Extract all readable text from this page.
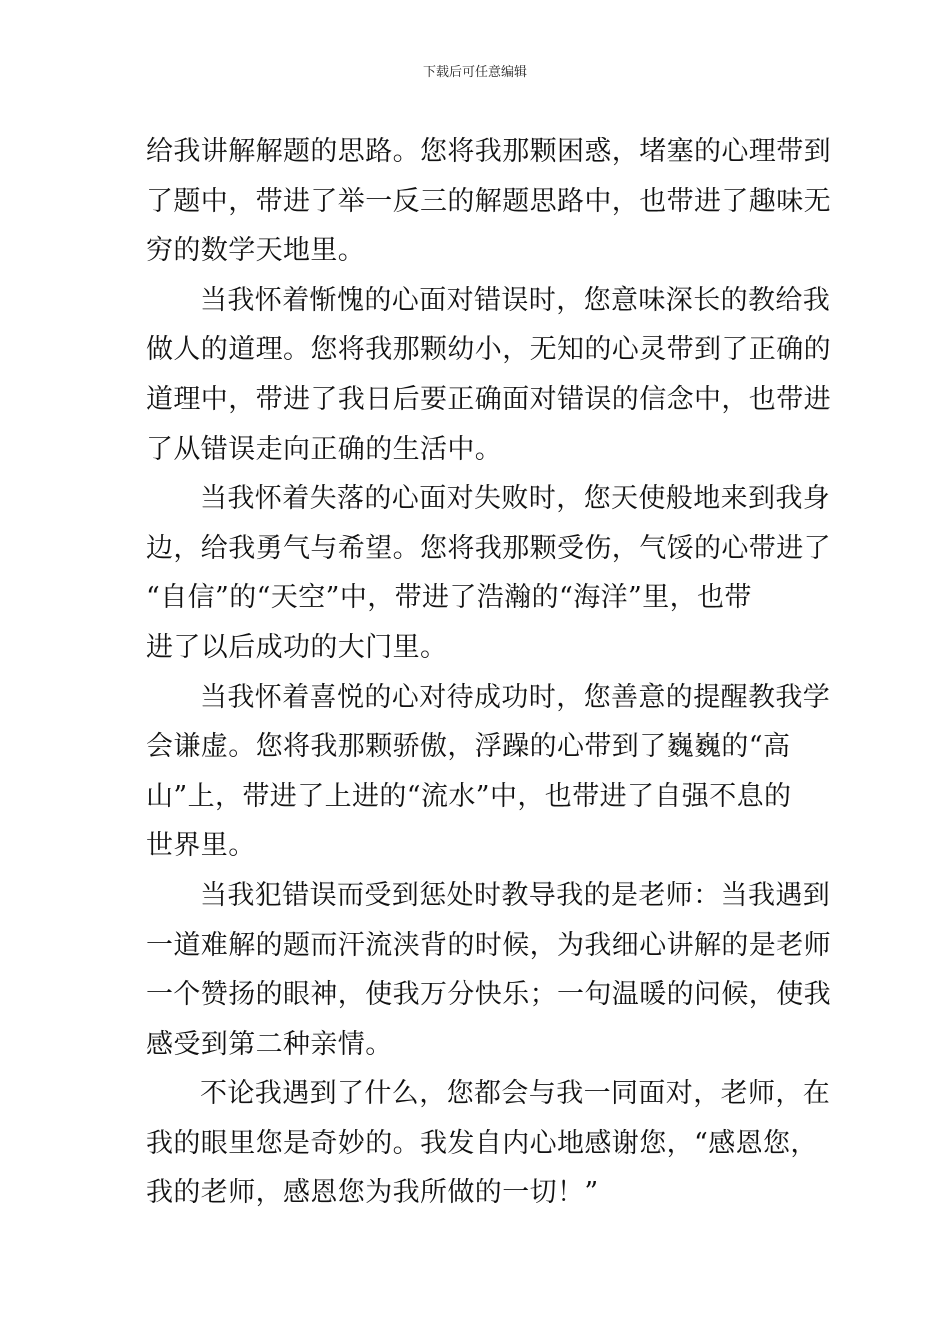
下载后可任意编辑
给我讲解解题的思路。您将我那颗困惑，堵塞的心理带到
了题中，带进了举一反三的解题思路中，也带进了趣味无
穷的数学天地里。
当我怀着惭愧的心面对错误时，您意味深长的教给我
做人的道理。您将我那颗幼小，无知的心灵带到了正确的
道理中，带进了我日后要正确面对错误的信念中，也带进
了从错误走向正确的生活中。
当我怀着失落的心面对失败时，您天使般地来到我身
边，给我勇气与希望。您将我那颗受伤，气馁的心带进了
“自信”的“天空”中，带进了浩瀚的“海洋”里，也带
进了以后成功的大门里。
当我怀着喜悦的心对待成功时，您善意的提醒教我学
会谦虚。您将我那颗骄傲，浮躁的心带到了巍巍的“高
山”上，带进了上进的“流水”中，也带进了自强不息的
世界里。
当我犯错误而受到惩处时教导我的是老师：当我遇到
一道难解的题而汗流浃背的时候，为我细心讲解的是老师
一个赞扬的眼神，使我万分快乐；一句温暖的问候，使我
感受到第二种亲情。
不论我遇到了什么，您都会与我一同面对，老师，在
我的眼里您是奇妙的。我发自内心地感谢您，“感恩您，
我的老师，感恩您为我所做的一切！”
